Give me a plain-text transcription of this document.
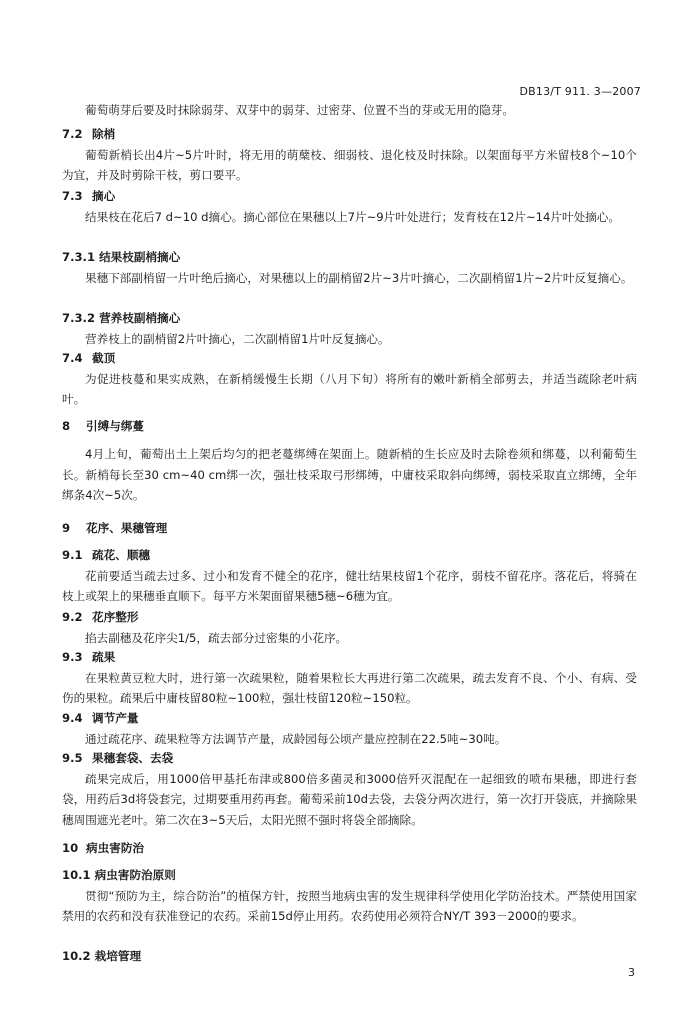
DB13/T 911. 3—2007

葡萄萌芽后要及时抹除弱芽、双芽中的弱芽、过密芽、位置不当的芽或无用的隐芽。

7.2 除梢

葡萄新梢长出4片~5片叶时，将无用的萌蘖枝、细弱枝、退化枝及时抹除。以架面每平方米留枝8个~10个为宜，并及时剪除干枝，剪口要平。

7.3 摘心

结果枝在花后7 d~10 d摘心。摘心部位在果穗以上7片~9片叶处进行；发育枝在12片~14片叶处摘心。

7.3.1 结果枝副梢摘心

果穗下部副梢留一片叶绝后摘心，对果穗以上的副梢留2片~3片叶摘心，二次副梢留1片~2片叶反复摘心。

7.3.2 营养枝副梢摘心

营养枝上的副梢留2片叶摘心，二次副梢留1片叶反复摘心。

7.4 截顶

为促进枝蔓和果实成熟，在新梢缓慢生长期（八月下旬）将所有的嫩叶新梢全部剪去，并适当疏除老叶病叶。

8 引缚与绑蔓

4月上旬，葡萄出土上架后均匀的把老蔓绑缚在架面上。随新梢的生长应及时去除卷须和绑蔓，以利葡萄生长。新梢每长至30 cm~40 cm绑一次，强壮枝采取弓形绑缚，中庸枝采取斜向绑缚，弱枝采取直立绑缚，全年绑条4次~5次。

9 花序、果穗管理

9.1 疏花、顺穗

花前要适当疏去过多、过小和发育不健全的花序，健壮结果枝留1个花序，弱枝不留花序。落花后，将骑在枝上或架上的果穗垂直顺下。每平方米架面留果穗5穗~6穗为宜。

9.2 花序整形

掐去副穗及花序尖1/5，疏去部分过密集的小花序。

9.3 疏果

在果粒黄豆粒大时，进行第一次疏果粒，随着果粒长大再进行第二次疏果，疏去发育不良、个小、有病、受伤的果粒。疏果后中庸枝留80粒~100粒，强壮枝留120粒~150粒。

9.4 调节产量

通过疏花序、疏果粒等方法调节产量，成龄园每公顷产量应控制在22.5吨~30吨。

9.5 果穗套袋、去袋

疏果完成后，用1000倍甲基托布津或800倍多菌灵和3000倍歼灭混配在一起细致的喷布果穗，即进行套袋，用药后3d将袋套完，过期要重用药再套。葡萄采前10d去袋，去袋分两次进行，第一次打开袋底，并摘除果穗周围遮光老叶。第二次在3~5天后，太阳光照不强时将袋全部摘除。

10 病虫害防治

10.1 病虫害防治原则

贯彻“预防为主，综合防治”的植保方针，按照当地病虫害的发生规律科学使用化学防治技术。严禁使用国家禁用的农药和没有获准登记的农药。采前15d停止用药。农药使用必须符合NY/T 393－2000的要求。

10.2 栽培管理

3
